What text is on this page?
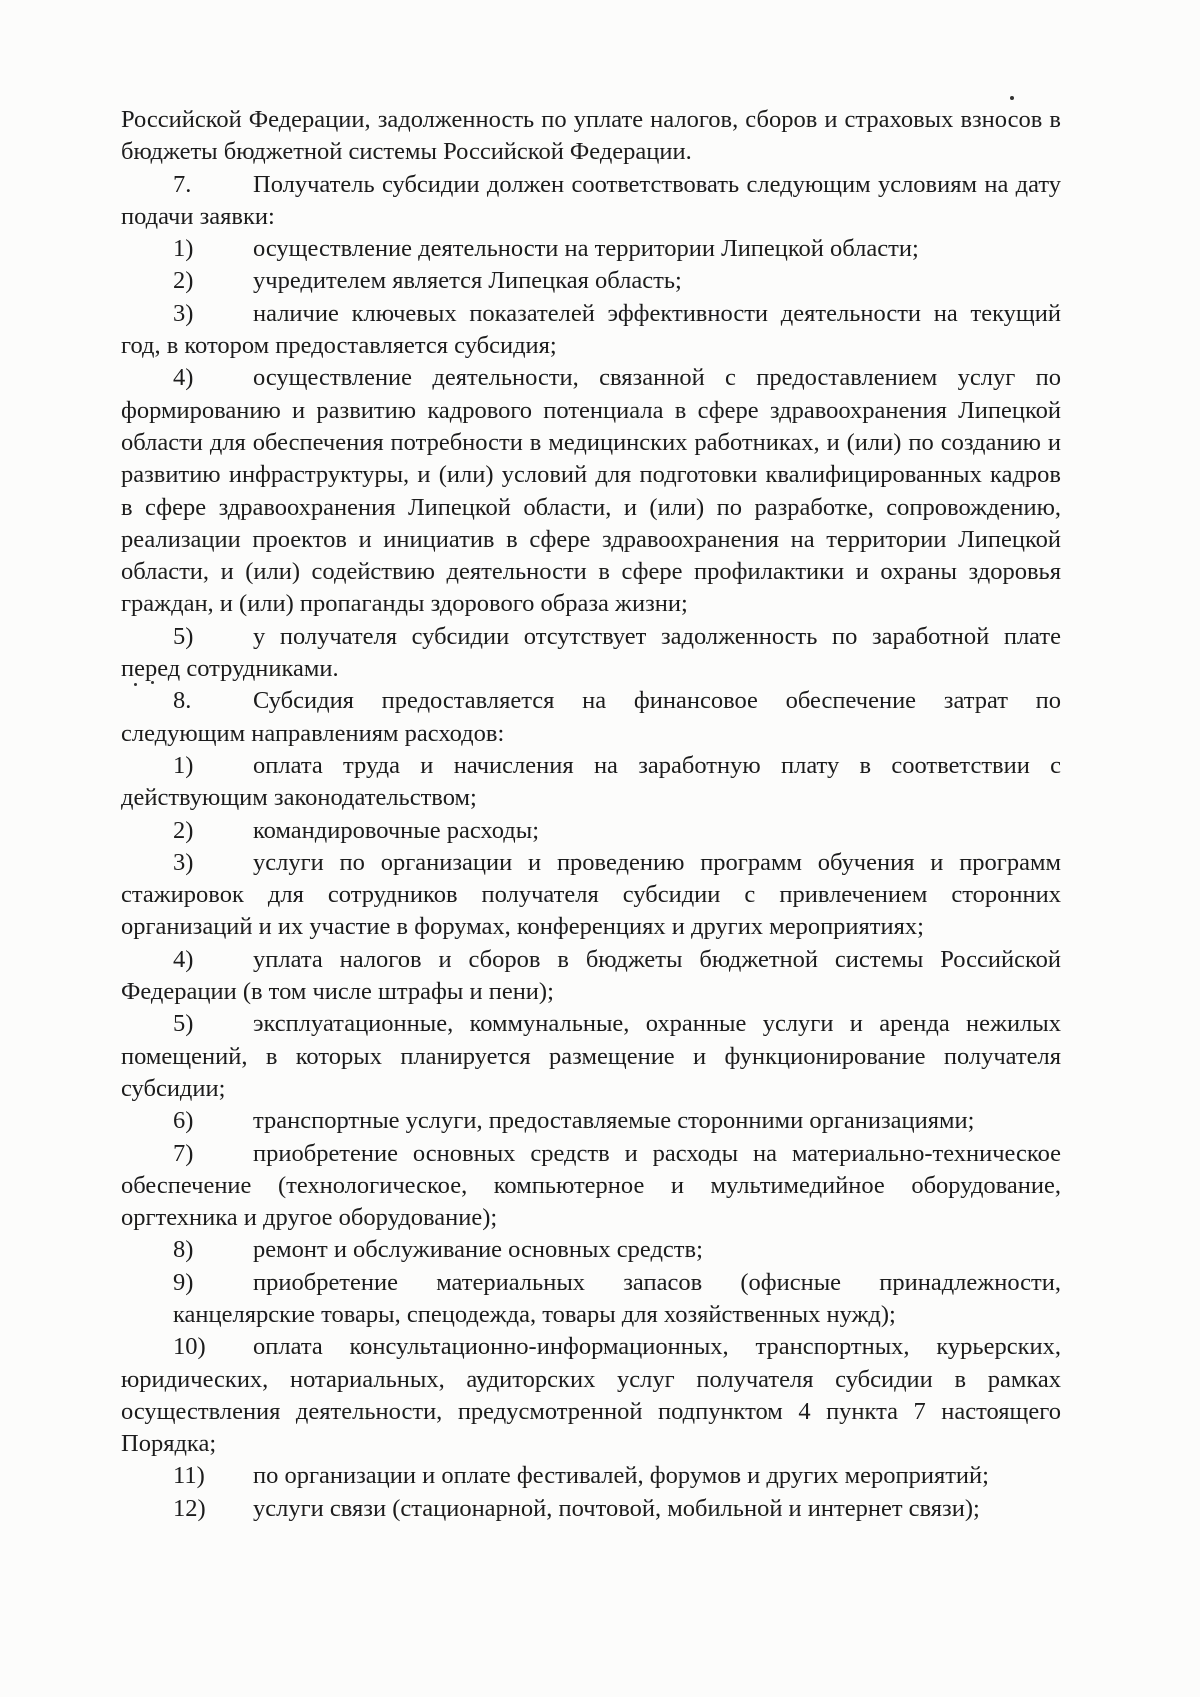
Российской Федерации, задолженность по уплате налогов, сборов и страховых взносов в бюджеты бюджетной системы Российской Федерации.

7.	Получатель субсидии должен соответствовать следующим условиям на дату подачи заявки:

1) осуществление деятельности на территории Липецкой области;

2) учредителем является Липецкая область;

3) наличие ключевых показателей эффективности деятельности на текущий год, в котором предоставляется субсидия;

4) осуществление деятельности, связанной с предоставлением услуг по формированию и развитию кадрового потенциала в сфере здравоохранения Липецкой области для обеспечения потребности в медицинских работниках, и (или) по созданию и развитию инфраструктуры, и (или) условий для подготовки квалифицированных кадров в сфере здравоохранения Липецкой области, и (или) по разработке, сопровождению, реализации проектов и инициатив в сфере здравоохранения на территории Липецкой области, и (или) содействию деятельности в сфере профилактики и охраны здоровья граждан, и (или) пропаганды здорового образа жизни;

5) у получателя субсидии отсутствует задолженность по заработной плате перед сотрудниками.

8.	Субсидия предоставляется на финансовое обеспечение затрат по следующим направлениям расходов:

1) оплата труда и начисления на заработную плату в соответствии с действующим законодательством;

2) командировочные расходы;

3) услуги по организации и проведению программ обучения и программ стажировок для сотрудников получателя субсидии с привлечением сторонних организаций и их участие в форумах, конференциях и других мероприятиях;

4) уплата налогов и сборов в бюджеты бюджетной системы Российской Федерации (в том числе штрафы и пени);

5) эксплуатационные, коммунальные, охранные услуги и аренда нежилых помещений, в которых планируется размещение и функционирование получателя субсидии;

6) транспортные услуги, предоставляемые сторонними организациями;

7) приобретение основных средств и расходы на материально-техническое обеспечение (технологическое, компьютерное и мультимедийное оборудование, оргтехника и другое оборудование);

8) ремонт и обслуживание основных средств;

9) приобретение материальных запасов (офисные принадлежности, канцелярские товары, спецодежда, товары для хозяйственных нужд);

10) оплата консультационно-информационных, транспортных, курьерских, юридических, нотариальных, аудиторских услуг получателя субсидии в рамках осуществления деятельности, предусмотренной подпунктом 4 пункта 7 настоящего Порядка;

11) по организации и оплате фестивалей, форумов и других мероприятий;

12) услуги связи (стационарной, почтовой, мобильной и интернет связи);
